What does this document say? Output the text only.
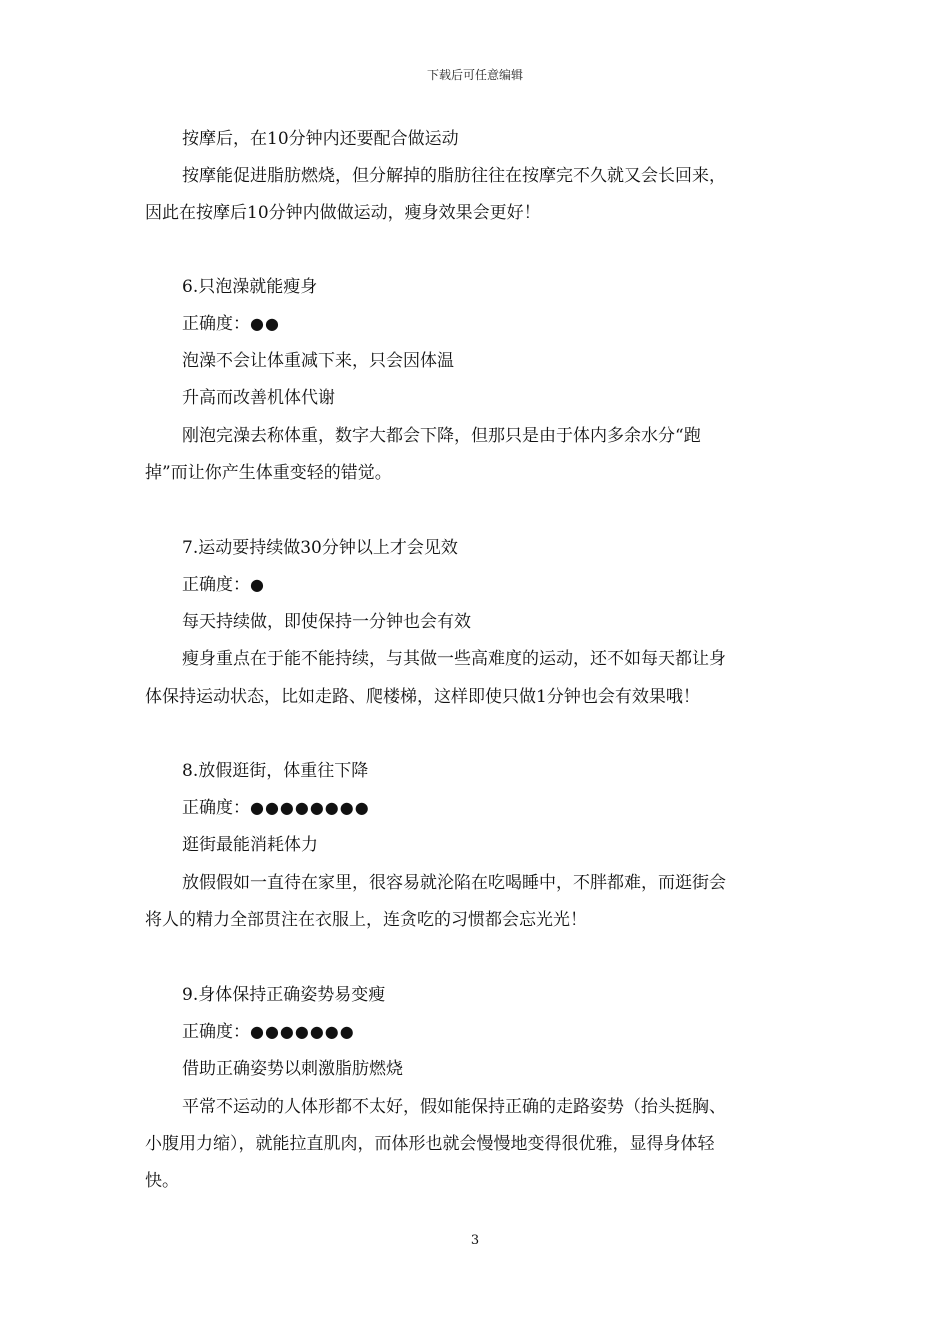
下载后可任意编辑
按摩后，在10分钟内还要配合做运动
按摩能促进脂肪燃烧，但分解掉的脂肪往往在按摩完不久就又会长回来，
因此在按摩后10分钟内做做运动，瘦身效果会更好！
6.只泡澡就能瘦身
正确度：●●
泡澡不会让体重减下来，只会因体温
升高而改善机体代谢
刚泡完澡去称体重，数字大都会下降，但那只是由于体内多余水分“跑
掉”而让你产生体重变轻的错觉。
7.运动要持续做30分钟以上才会见效
正确度：●
每天持续做，即使保持一分钟也会有效
瘦身重点在于能不能持续，与其做一些高难度的运动，还不如每天都让身
体保持运动状态，比如走路、爬楼梯，这样即使只做1分钟也会有效果哦！
8.放假逛街，体重往下降
正确度：●●●●●●●●
逛街最能消耗体力
放假假如一直待在家里，很容易就沦陷在吃喝睡中，不胖都难，而逛街会
将人的精力全部贯注在衣服上，连贪吃的习惯都会忘光光！
9.身体保持正确姿势易变瘦
正确度：●●●●●●●
借助正确姿势以刺激脂肪燃烧
平常不运动的人体形都不太好，假如能保持正确的走路姿势（抬头挺胸、
小腹用力缩），就能拉直肌肉，而体形也就会慢慢地变得很优雅，显得身体轻
快。
3
